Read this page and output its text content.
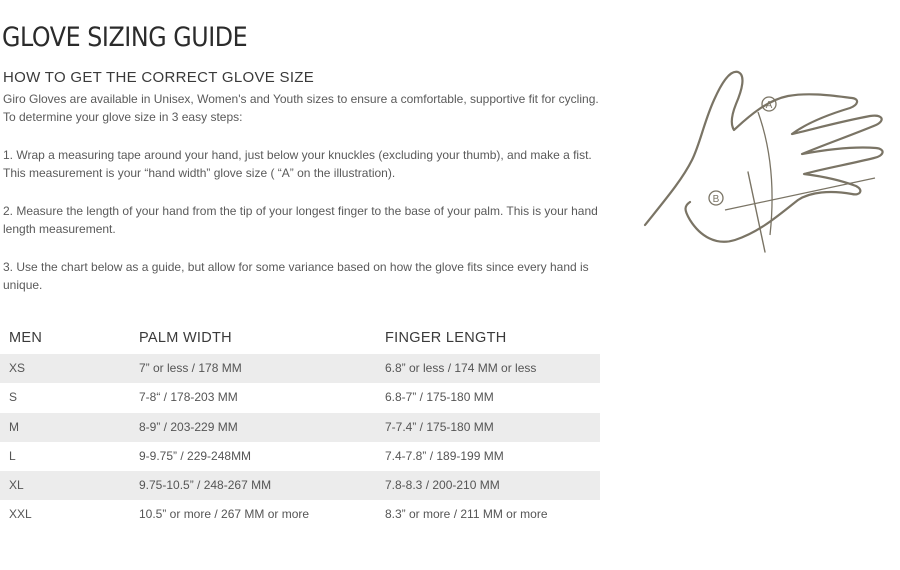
GLOVE SIZING GUIDE
HOW TO GET THE CORRECT GLOVE SIZE
Giro Gloves are available in Unisex, Women's and Youth sizes to ensure a comfortable, supportive fit for cycling. To determine your glove size in 3 easy steps:
1. Wrap a measuring tape around your hand, just below your knuckles (excluding your thumb), and make a fist. This measurement is your “hand width” glove size ( “A” on the illustration).
2. Measure the length of your hand from the tip of your longest finger to the base of your palm. This is your hand length measurement.
3. Use the chart below as a guide, but allow for some variance based on how the glove fits since every hand is unique.
MEN	PALM WIDTH	FINGER LENGTH
XS	7” or less / 178 MM	6.8” or less / 174 MM or less
S	7-8“ / 178-203 MM	6.8-7” / 175-180 MM
M	8-9” / 203-229 MM	7-7.4” / 175-180 MM
L	9-9.75” / 229-248MM	7.4-7.8” / 189-199 MM
XL	9.75-10.5” / 248-267 MM	7.8-8.3 / 200-210 MM
XXL	10.5” or more / 267 MM or more	8.3” or more / 211 MM or more
A
B
